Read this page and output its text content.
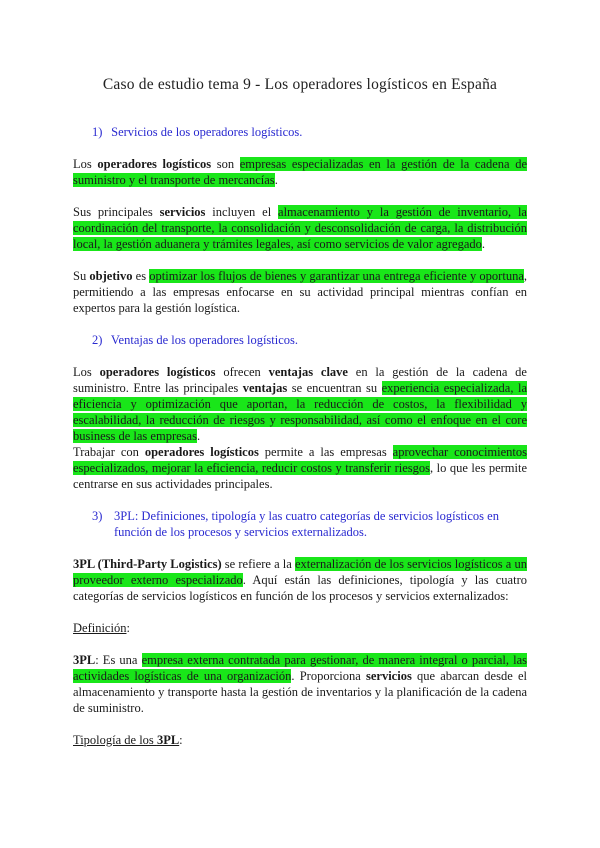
Caso de estudio tema 9 - Los operadores logísticos en España
1) Servicios de los operadores logísticos.
Los operadores logísticos son empresas especializadas en la gestión de la cadena de suministro y el transporte de mercancías.
Sus principales servicios incluyen el almacenamiento y la gestión de inventario, la coordinación del transporte, la consolidación y desconsolidación de carga, la distribución local, la gestión aduanera y trámites legales, así como servicios de valor agregado.
Su objetivo es optimizar los flujos de bienes y garantizar una entrega eficiente y oportuna, permitiendo a las empresas enfocarse en su actividad principal mientras confían en expertos para la gestión logística.
2) Ventajas de los operadores logísticos.
Los operadores logísticos ofrecen ventajas clave en la gestión de la cadena de suministro. Entre las principales ventajas se encuentran su experiencia especializada, la eficiencia y optimización que aportan, la reducción de costos, la flexibilidad y escalabilidad, la reducción de riesgos y responsabilidad, así como el enfoque en el core business de las empresas.
Trabajar con operadores logísticos permite a las empresas aprovechar conocimientos especializados, mejorar la eficiencia, reducir costos y transferir riesgos, lo que les permite centrarse en sus actividades principales.
3) 3PL: Definiciones, tipología y las cuatro categorías de servicios logísticos en función de los procesos y servicios externalizados.
3PL (Third-Party Logistics) se refiere a la externalización de los servicios logísticos a un proveedor externo especializado. Aquí están las definiciones, tipología y las cuatro categorías de servicios logísticos en función de los procesos y servicios externalizados:
Definición:
3PL: Es una empresa externa contratada para gestionar, de manera integral o parcial, las actividades logísticas de una organización. Proporciona servicios que abarcan desde el almacenamiento y transporte hasta la gestión de inventarios y la planificación de la cadena de suministro.
Tipología de los 3PL:
